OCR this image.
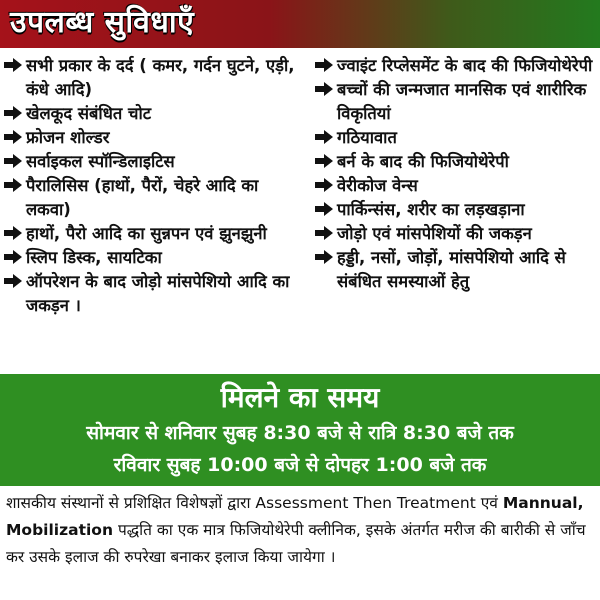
उपलब्ध सुविधाएँ
सभी प्रकार के दर्द ( कमर, गर्दन घुटने, एड़ी, कंधे आदि)
खेलकूद संबंधित चोट
फ्रोजन शोल्डर
सर्वाइकल स्पॉन्डिलाइटिस
पैरालिसिस (हाथों, पैरों, चेहरे आदि का लकवा)
हाथों, पैरो आदि का सुन्नपन एवं झुनझुनी
स्लिप डिस्क, सायटिका
ऑपरेशन के बाद जोड़ो मांसपेशियो आदि का जकड़न ।
ज्वाइंट रिप्लेसमेंट के बाद की फिजियोथेरेपी
बच्चों की जन्मजात मानसिक एवं शारीरिक विकृतियां
गठियावात
बर्न के बाद की फिजियोथेरेपी
वेरीकोज वेन्स
पार्किन्संस, शरीर का लड़खड़ाना
जोड़ो एवं मांसपेशियों की जकड़न
हड्डी, नसों, जोड़ों, मांसपेशियो आदि से संबंधित समस्याओं हेतु
मिलने का समय
सोमवार से शनिवार सुबह 8:30 बजे से रात्रि 8:30 बजे तक
रविवार सुबह 10:00 बजे से दोपहर 1:00 बजे तक
शासकीय संस्थानों से प्रशिक्षित विशेषज्ञों द्वारा Assessment Then Treatment एवं Mannual, Mobilization पद्धति का एक मात्र फिजियोथेरेपी क्लीनिक, इसके अंतर्गत मरीज की बारीकी से जाँच कर उसके इलाज की रुपरेखा बनाकर इलाज किया जायेगा ।
